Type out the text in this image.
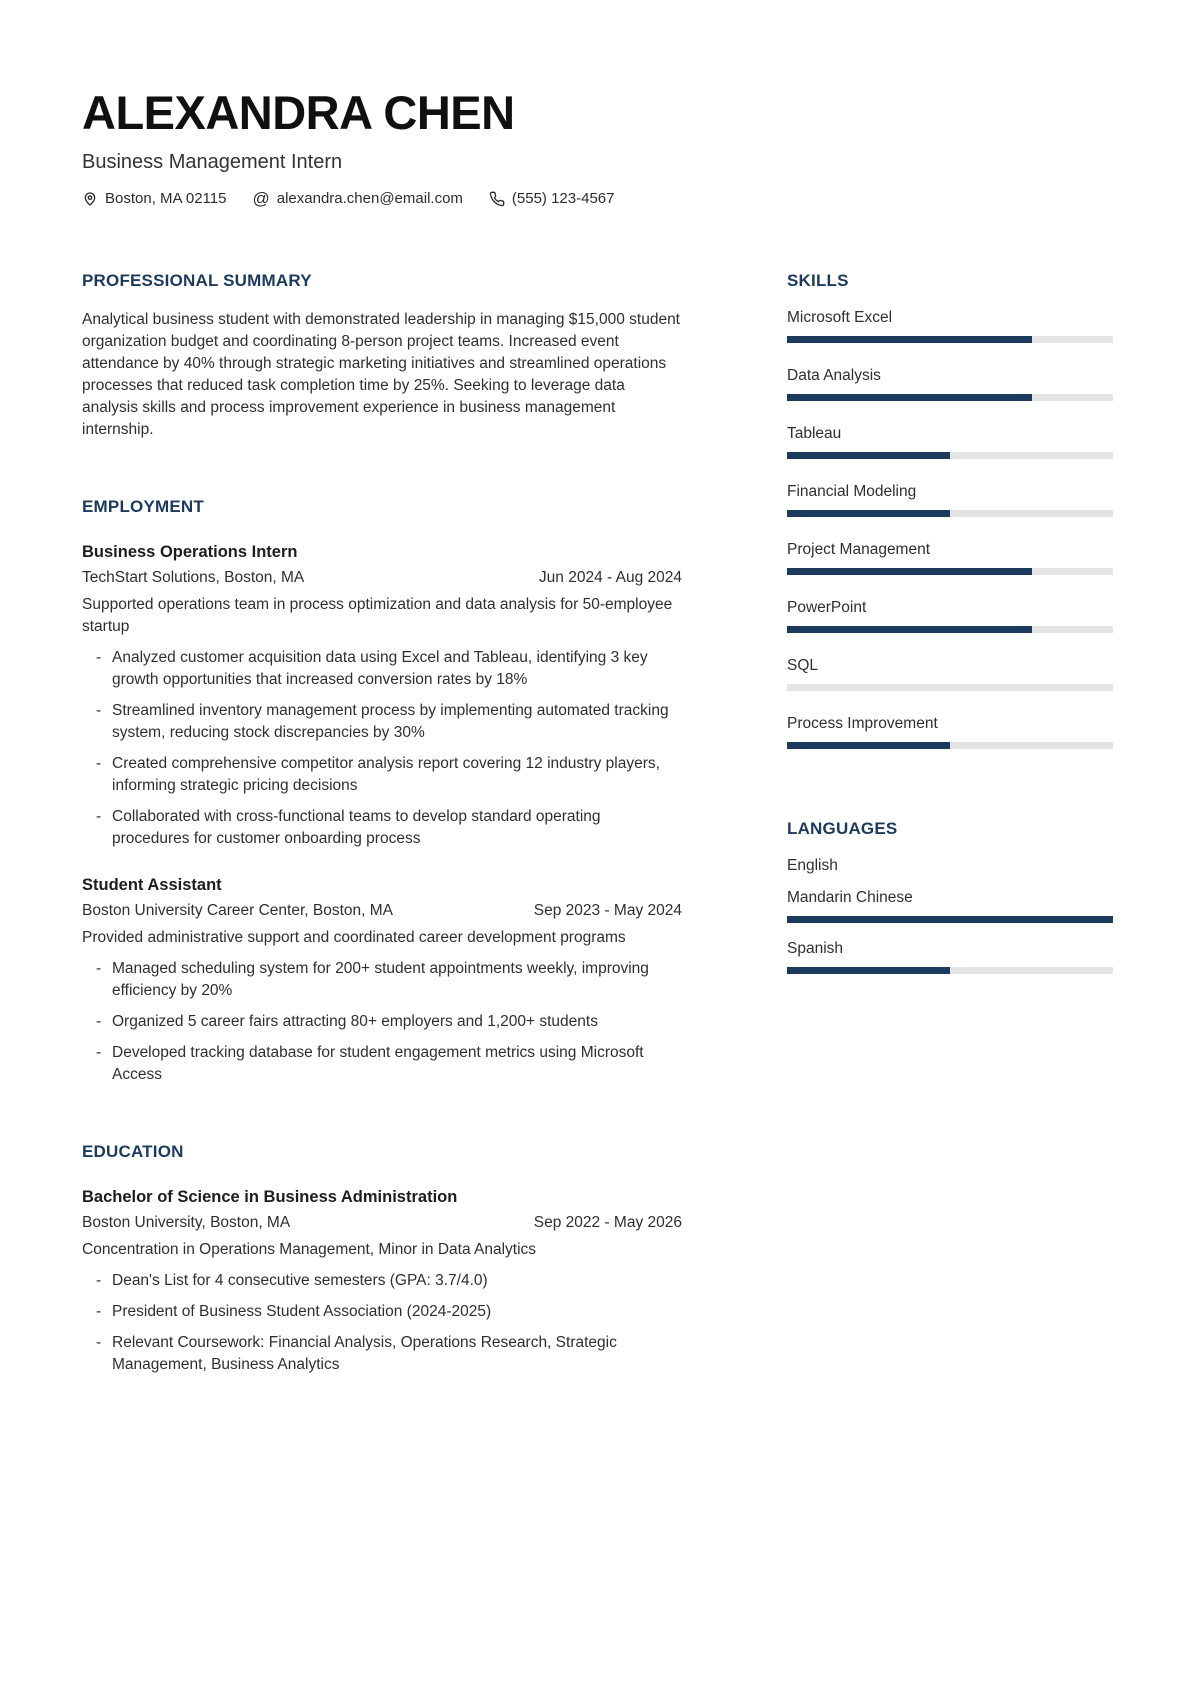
ALEXANDRA CHEN
Business Management Intern
Boston, MA 02115 @ alexandra.chen@email.com	(555) 123-4567
PROFESSIONAL SUMMARY
Analytical business student with demonstrated leadership in managing $15,000 student organization budget and coordinating 8-person project teams. Increased event attendance by 40% through strategic marketing initiatives and streamlined operations processes that reduced task completion time by 25%. Seeking to leverage data analysis skills and process improvement experience in business management internship.
EMPLOYMENT
Business Operations Intern
TechStart Solutions, Boston, MA	Jun 2024 - Aug 2024
Supported operations team in process optimization and data analysis for 50-employee startup
- Analyzed customer acquisition data using Excel and Tableau, identifying 3 key growth opportunities that increased conversion rates by 18%
- Streamlined inventory management process by implementing automated tracking system, reducing stock discrepancies by 30%
- Created comprehensive competitor analysis report covering 12 industry players, informing strategic pricing decisions
- Collaborated with cross-functional teams to develop standard operating procedures for customer onboarding process
Student Assistant
Boston University Career Center, Boston, MA	Sep 2023 - May 2024
Provided administrative support and coordinated career development programs
- Managed scheduling system for 200+ student appointments weekly, improving efficiency by 20%
- Organized 5 career fairs attracting 80+ employers and 1,200+ students
- Developed tracking database for student engagement metrics using Microsoft Access
EDUCATION
Bachelor of Science in Business Administration
Boston University, Boston, MA	Sep 2022 - May 2026
Concentration in Operations Management, Minor in Data Analytics
- Dean's List for 4 consecutive semesters (GPA: 3.7/4.0)
- President of Business Student Association (2024-2025)
- Relevant Coursework: Financial Analysis, Operations Research, Strategic Management, Business Analytics
SKILLS
Microsoft Excel
Data Analysis
Tableau
Financial Modeling
Project Management
PowerPoint
SQL
Process Improvement
LANGUAGES
English
Mandarin Chinese
Spanish
